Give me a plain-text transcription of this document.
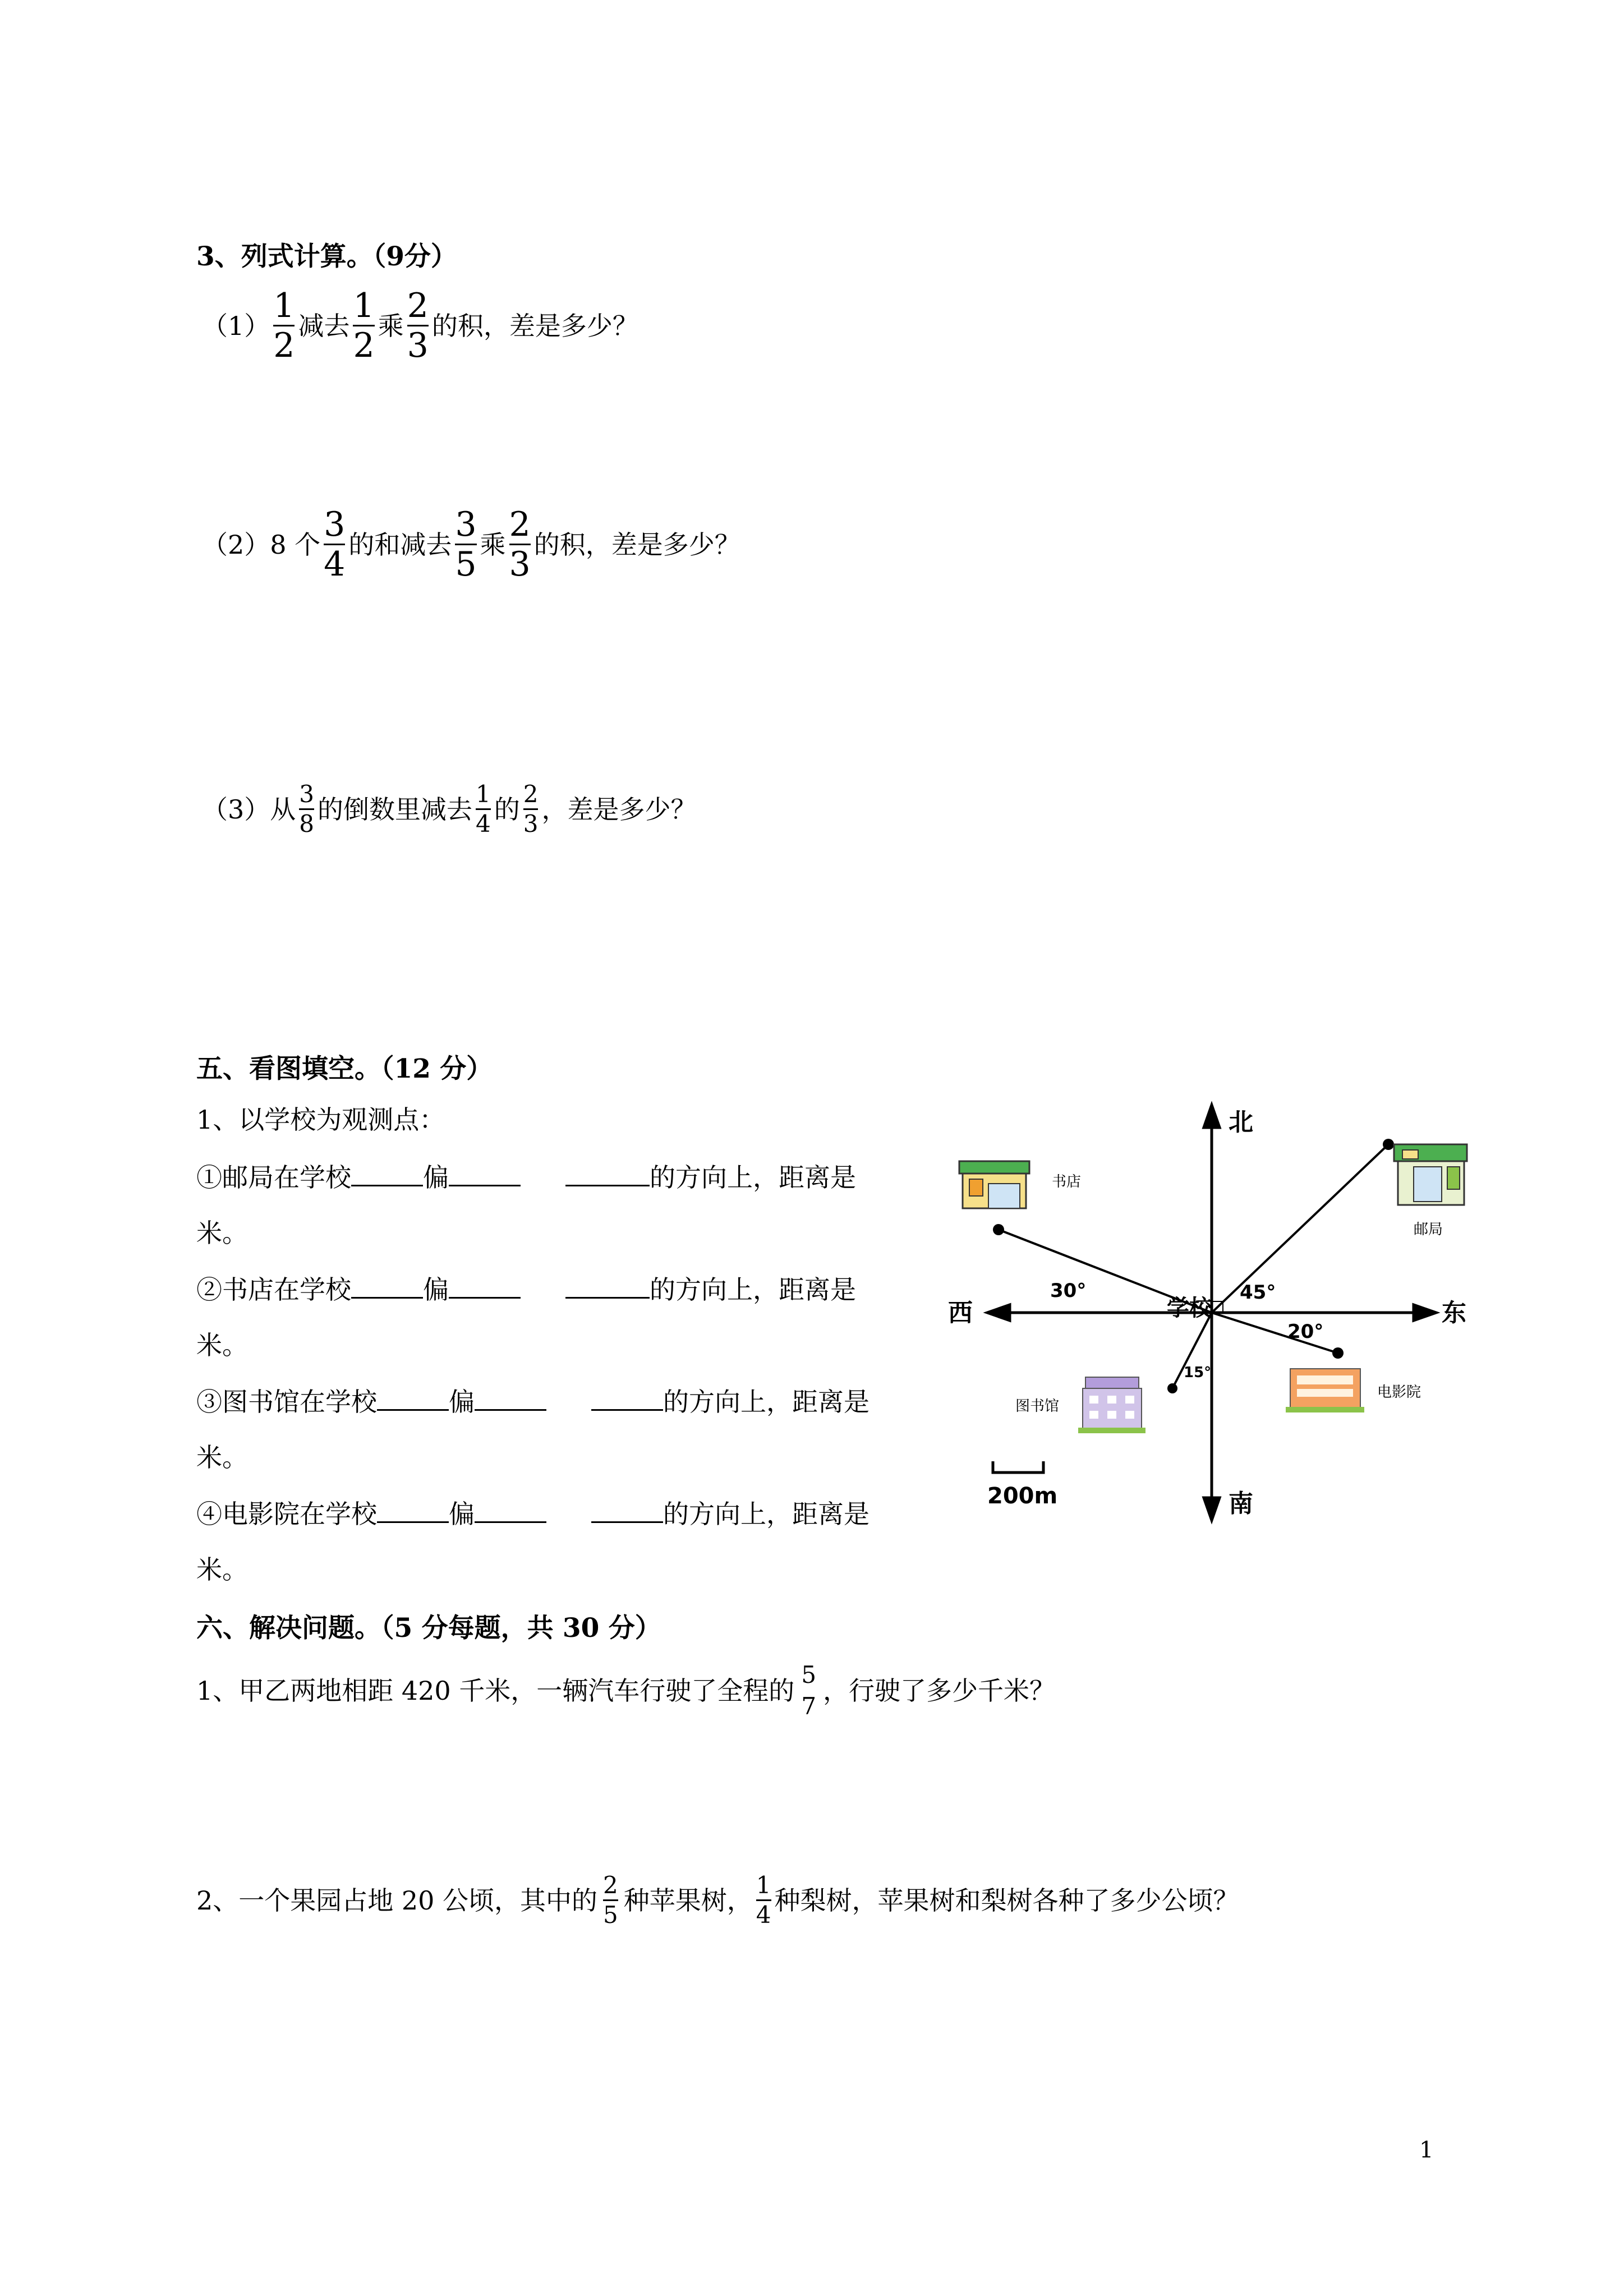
3、列式计算。（9分）
$(1) \frac{1}{2}$ 减去 $\frac{1}{2}$ 乘 $\frac{2}{3}$ 的积，差是多少？
（2）8 个 $\frac{3}{4}$ 的和减去 $\frac{3}{5}$ 乘 $\frac{2}{3}$ 的积，差是多少？
（3）从 $\frac{3}{8}$ 的倒数里减去 $\frac{1}{4}$ 的 $\frac{2}{3}$ ，差是多少？
五、看图填空。（12 分）
1、以学校为观测点：
①邮局在学校	偏	的方向上，距离是
米。
②书店在学校	偏	的方向上，距离是
米。
③图书馆在学校	偏	的方向上，距离是
米。
④电影院在学校	偏	的方向上，距离是
米。
北
南
东
西	学校
45°
30°
20°
15°
200m
书店
邮局
图书馆
电影院
六、解决问题。（5 分每题，共 30 分）
1、甲乙两地相距 420 千米，一辆汽车行驶了全程的
5
7
，行驶了多少千米？
2、一个果园占地 20 公顷，其中的 $\frac{2}{5}$ 种苹果树， $\frac{1}{4}$ 种梨树，苹果树和梨树各种了多少公顷？
1
